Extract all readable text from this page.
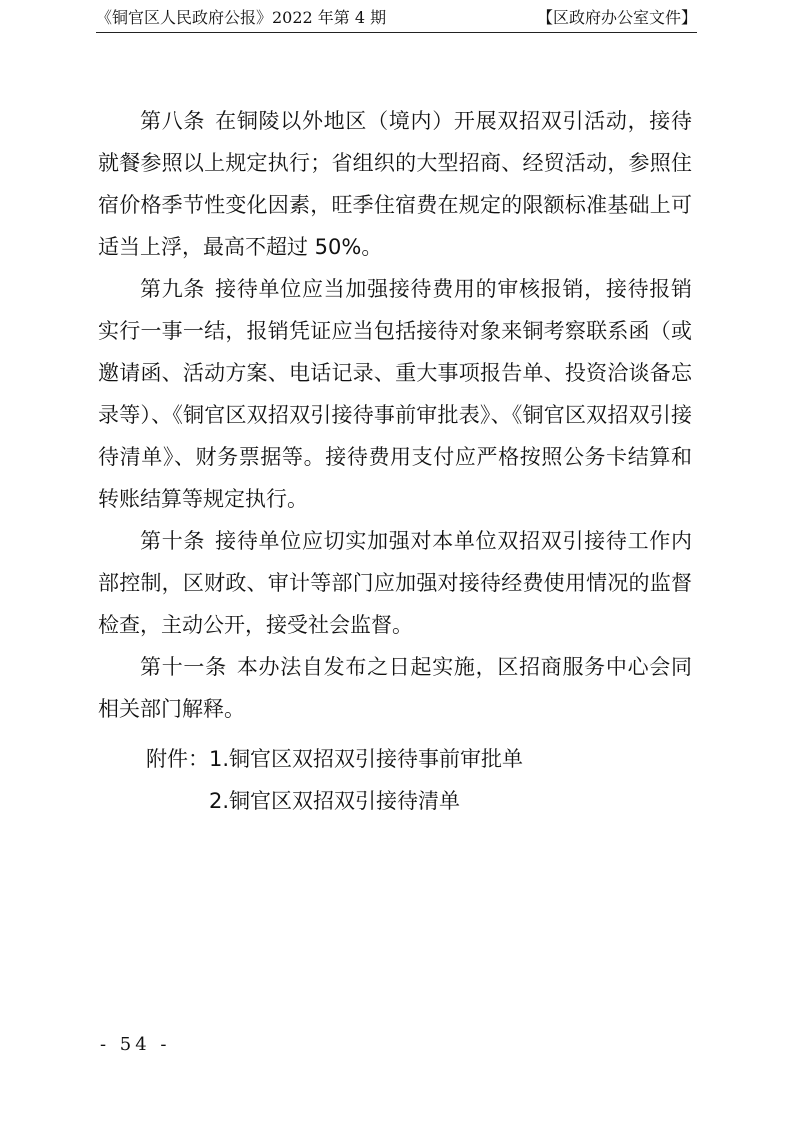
《铜官区人民政府公报》2022 年第 4 期	【区政府办公室文件】

第八条 在铜陵以外地区（境内）开展双招双引活动，接待就餐参照以上规定执行；省组织的大型招商、经贸活动，参照住宿价格季节性变化因素，旺季住宿费在规定的限额标准基础上可适当上浮，最高不超过 50%。

第九条 接待单位应当加强接待费用的审核报销，接待报销实行一事一结，报销凭证应当包括接待对象来铜考察联系函（或邀请函、活动方案、电话记录、重大事项报告单、投资洽谈备忘录等）、《铜官区双招双引接待事前审批表》、《铜官区双招双引接待清单》、财务票据等。接待费用支付应严格按照公务卡结算和转账结算等规定执行。

第十条 接待单位应切实加强对本单位双招双引接待工作内部控制，区财政、审计等部门应加强对接待经费使用情况的监督检查，主动公开，接受社会监督。

第十一条 本办法自发布之日起实施，区招商服务中心会同相关部门解释。

附件：1.铜官区双招双引接待事前审批单
2.铜官区双招双引接待清单
- 54 -
